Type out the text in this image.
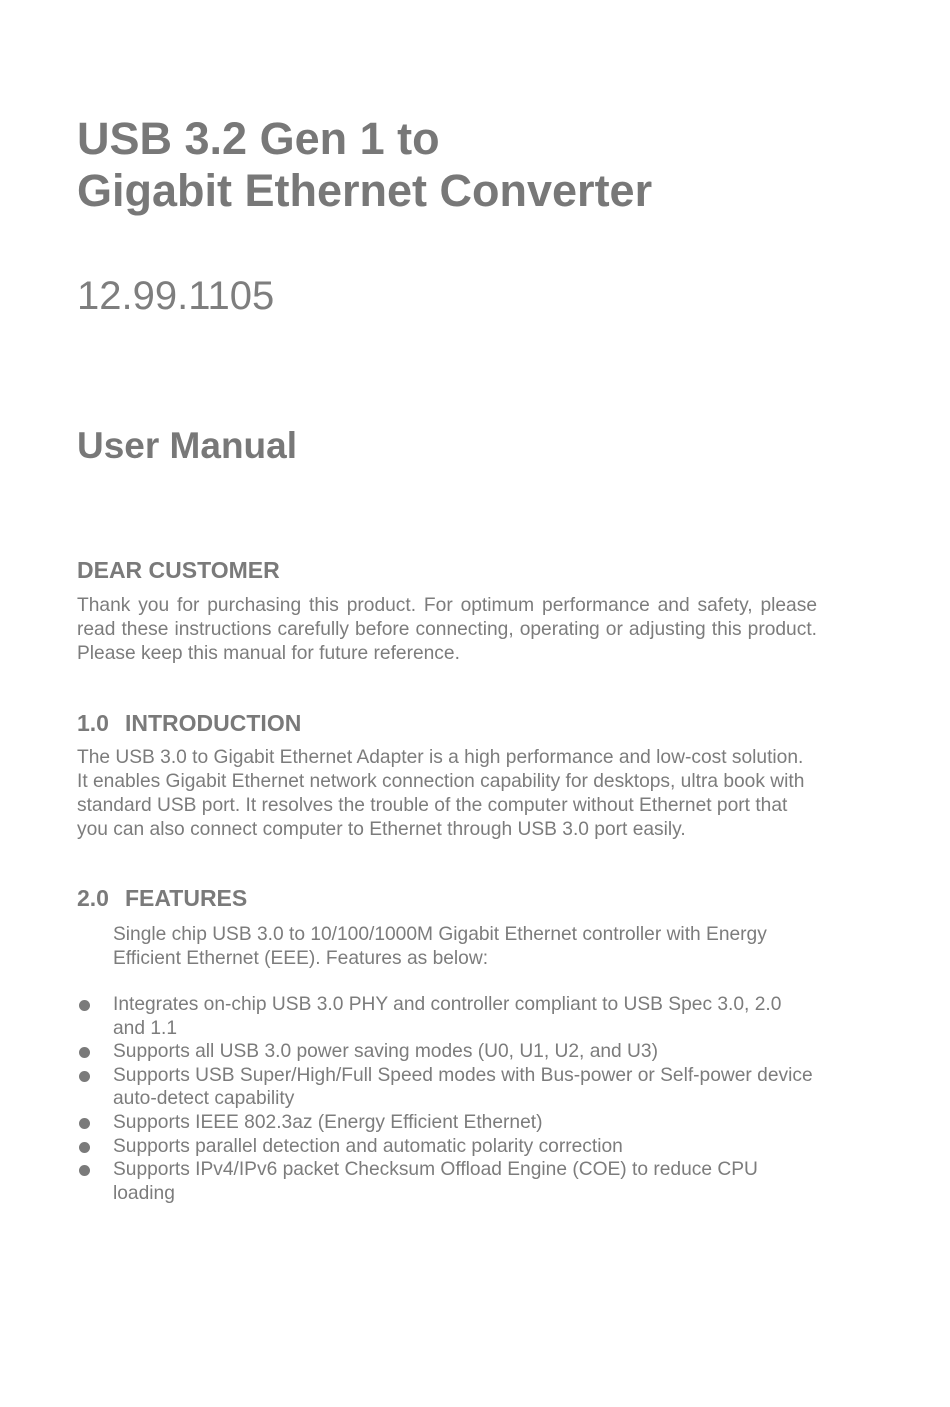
USB 3.2 Gen 1 to
Gigabit Ethernet Converter
12.99.1105
User Manual
DEAR CUSTOMER

Thank you for purchasing this product. For optimum performance and safety, please read these instructions carefully before connecting, operating or adjusting this product. Please keep this manual for future reference.

1.0 INTRODUCTION

The USB 3.0 to Gigabit Ethernet Adapter is a high performance and low-cost solution. It enables Gigabit Ethernet network connection capability for desktops, ultra book with standard USB port. It resolves the trouble of the computer without Ethernet port that you can also connect computer to Ethernet through USB 3.0 port easily.

2.0 FEATURES

Single chip USB 3.0 to 10/100/1000M Gigabit Ethernet controller with Energy Efficient Ethernet (EEE). Features as below:

Integrates on-chip USB 3.0 PHY and controller compliant to USB Spec 3.0, 2.0 and 1.1
Supports all USB 3.0 power saving modes (U0, U1, U2, and U3)
Supports USB Super/High/Full Speed modes with Bus-power or Self-power device auto-detect capability
Supports IEEE 802.3az (Energy Efficient Ethernet)
Supports parallel detection and automatic polarity correction
Supports IPv4/IPv6 packet Checksum Offload Engine (COE) to reduce CPU loading
